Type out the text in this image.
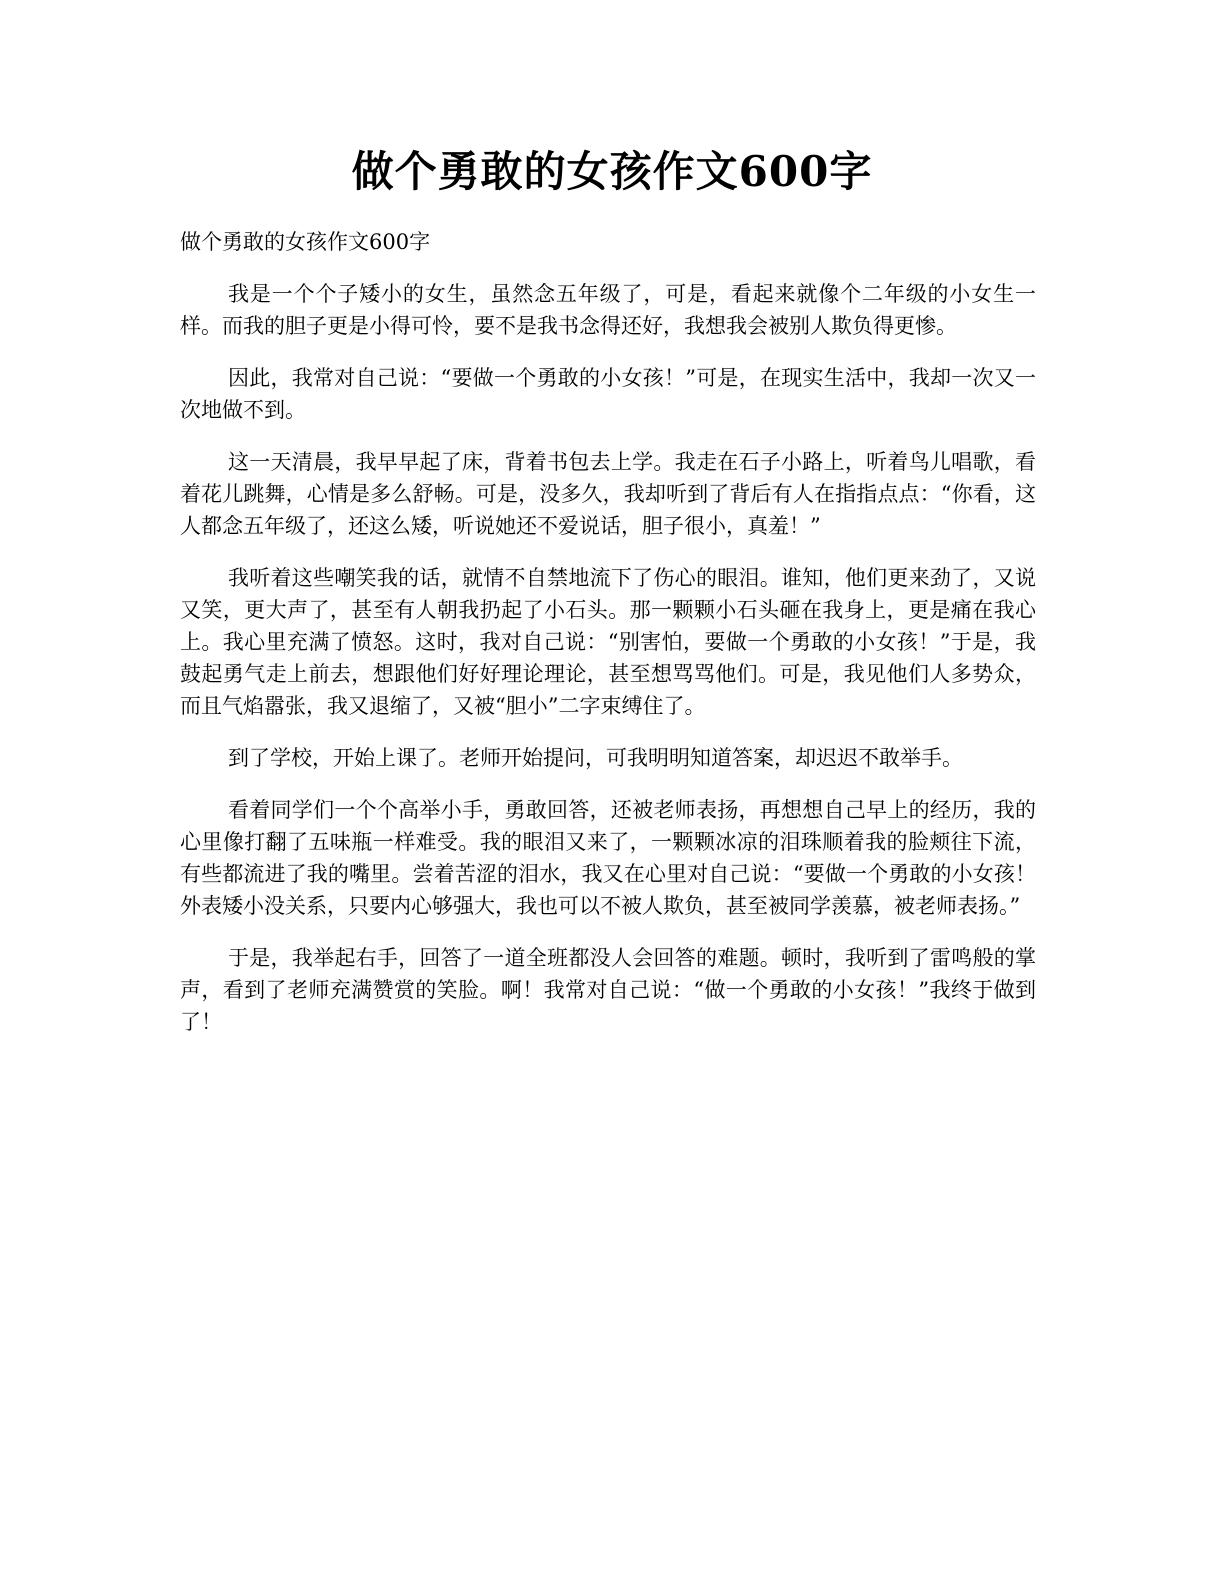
做个勇敢的女孩作文600字

做个勇敢的女孩作文600字

我是一个个子矮小的女生，虽然念五年级了，可是，看起来就像个二年级的小女生一样。而我的胆子更是小得可怜，要不是我书念得还好，我想我会被别人欺负得更惨。

因此，我常对自己说：“要做一个勇敢的小女孩！”可是，在现实生活中，我却一次又一次地做不到。

这一天清晨，我早早起了床，背着书包去上学。我走在石子小路上，听着鸟儿唱歌，看着花儿跳舞，心情是多么舒畅。可是，没多久，我却听到了背后有人在指指点点：“你看，这人都念五年级了，还这么矮，听说她还不爱说话，胆子很小，真羞！”

我听着这些嘲笑我的话，就情不自禁地流下了伤心的眼泪。谁知，他们更来劲了，又说又笑，更大声了，甚至有人朝我扔起了小石头。那一颗颗小石头砸在我身上，更是痛在我心上。我心里充满了愤怒。这时，我对自己说：“别害怕，要做一个勇敢的小女孩！”于是，我鼓起勇气走上前去，想跟他们好好理论理论，甚至想骂骂他们。可是，我见他们人多势众，而且气焰嚣张，我又退缩了，又被“胆小”二字束缚住了。

到了学校，开始上课了。老师开始提问，可我明明知道答案，却迟迟不敢举手。

看着同学们一个个高举小手，勇敢回答，还被老师表扬，再想想自己早上的经历，我的心里像打翻了五味瓶一样难受。我的眼泪又来了，一颗颗冰凉的泪珠顺着我的脸颊往下流，有些都流进了我的嘴里。尝着苦涩的泪水，我又在心里对自己说：“要做一个勇敢的小女孩！外表矮小没关系，只要内心够强大，我也可以不被人欺负，甚至被同学羡慕，被老师表扬。”

于是，我举起右手，回答了一道全班都没人会回答的难题。顿时，我听到了雷鸣般的掌声，看到了老师充满赞赏的笑脸。啊！我常对自己说：“做一个勇敢的小女孩！”我终于做到了！
